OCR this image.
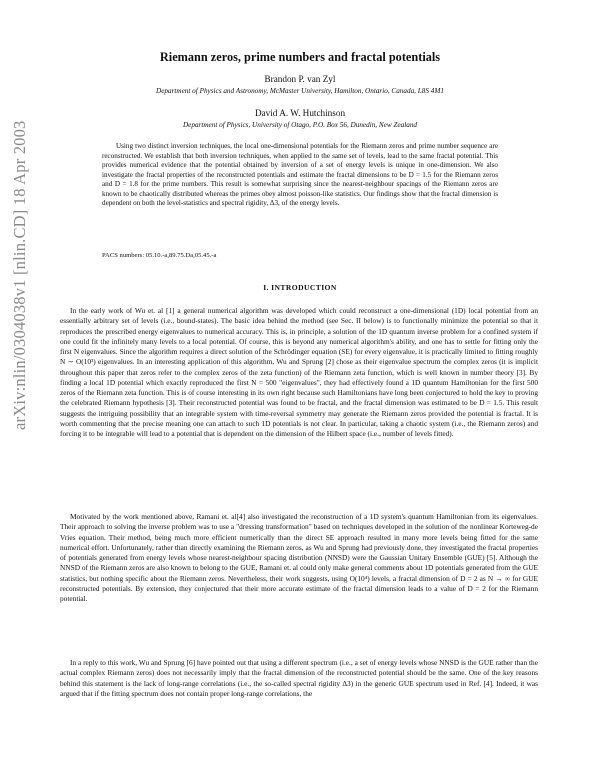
arXiv:nlin/0304038v1 [nlin.CD] 18 Apr 2003
Riemann zeros, prime numbers and fractal potentials
Brandon P. van Zyl
Department of Physics and Astronomy, McMaster University, Hamilton, Ontario, Canada, L8S 4M1
David A. W. Hutchinson
Department of Physics, University of Otago, P.O. Box 56, Dunedin, New Zealand

Using two distinct inversion techniques, the local one-dimensional potentials for the Riemann zeros and prime number sequence are reconstructed. We establish that both inversion techniques, when applied to the same set of levels, lead to the same fractal potential. This provides numerical evidence that the potential obtained by inversion of a set of energy levels is unique in one-dimension. We also investigate the fractal properties of the reconstructed potentials and estimate the fractal dimensions to be D = 1.5 for the Riemann zeros and D = 1.8 for the prime numbers. This result is somewhat surprising since the nearest-neighbour spacings of the Riemann zeros are known to be chaotically distributed whereas the primes obey almost poisson-like statistics. Our findings show that the fractal dimension is dependent on both the level-statistics and spectral rigidity, Δ3, of the energy levels.

PACS numbers: 05.10.-a,89.75.Da,05.45.-a
I. INTRODUCTION

In the early work of Wu et. al [1] a general numerical algorithm was developed which could reconstruct a one-dimensional (1D) local potential from an essentially arbitrary set of levels (i.e., bound-states). The basic idea behind the method (see Sec. II below) is to functionally minimize the potential so that it reproduces the prescribed energy eigenvalues to numerical accuracy. This is, in principle, a solution of the 1D quantum inverse problem for a confined system if one could fit the infinitely many levels to a local potential. Of course, this is beyond any numerical algorithm's ability, and one has to settle for fitting only the first N eigenvalues. Since the algorithm requires a direct solution of the Schrödinger equation (SE) for every eigenvalue, it is practically limited to fitting roughly N ∼ O(10³) eigenvalues. In an interesting application of this algorithm, Wu and Sprung [2] chose as their eigenvalue spectrum the complex zeros (it is implicit throughout this paper that zeros refer to the complex zeros of the zeta function) of the Riemann zeta function, which is well known in number theory [3]. By finding a local 1D potential which exactly reproduced the first N = 500 "eigenvalues", they had effectively found a 1D quantum Hamiltonian for the first 500 zeros of the Riemann zeta function. This is of course interesting in its own right because such Hamiltonians have long been conjectured to hold the key to proving the celebrated Riemann hypothesis [3]. Their reconstructed potential was found to be fractal, and the fractal dimension was estimated to be D = 1.5. This result suggests the intriguing possibility that an integrable system with time-reversal symmetry may generate the Riemann zeros provided the potential is fractal. It is worth commenting that the precise meaning one can attach to such 1D potentials is not clear. In particular, taking a chaotic system (i.e., the Riemann zeros) and forcing it to be integrable will lead to a potential that is dependent on the dimension of the Hilbert space (i.e., number of levels fitted).

Motivated by the work mentioned above, Ramani et. al[4] also investigated the reconstruction of a 1D system's quantum Hamiltonian from its eigenvalues. Their approach to solving the inverse problem was to use a "dressing transformation" based on techniques developed in the solution of the nonlinear Korteweg-de Vries equation. Their method, being much more efficient numerically than the direct SE approach resulted in many more levels being fitted for the same numerical effort. Unfortunately, rather than directly examining the Riemann zeros, as Wu and Sprung had previously done, they investigated the fractal properties of potentials generated from energy levels whose nearest-neighbour spacing distribution (NNSD) were the Gaussian Unitary Ensemble (GUE) [5]. Although the NNSD of the Riemann zeros are also known to belong to the GUE, Ramani et. al could only make general comments about 1D potentials generated from the GUE statistics, but nothing specific about the Riemann zeros. Nevertheless, their work suggests, using O(10⁴) levels, a fractal dimension of D = 2 as N → ∞ for GUE reconstructed potentials. By extension, they conjectured that their more accurate estimate of the fractal dimension leads to a value of D = 2 for the Riemann potential.

In a reply to this work, Wu and Sprung [6] have pointed out that using a different spectrum (i.e., a set of energy levels whose NNSD is the GUE rather than the actual complex Riemann zeros) does not necessarily imply that the fractal dimension of the reconstructed potential should be the same. One of the key reasons behind this statement is the lack of long-range correlations (i.e., the so-called spectral rigidity Δ3) in the generic GUE spectrum used in Ref. [4]. Indeed, it was argued that if the fitting spectrum does not contain proper long-range correlations, the
